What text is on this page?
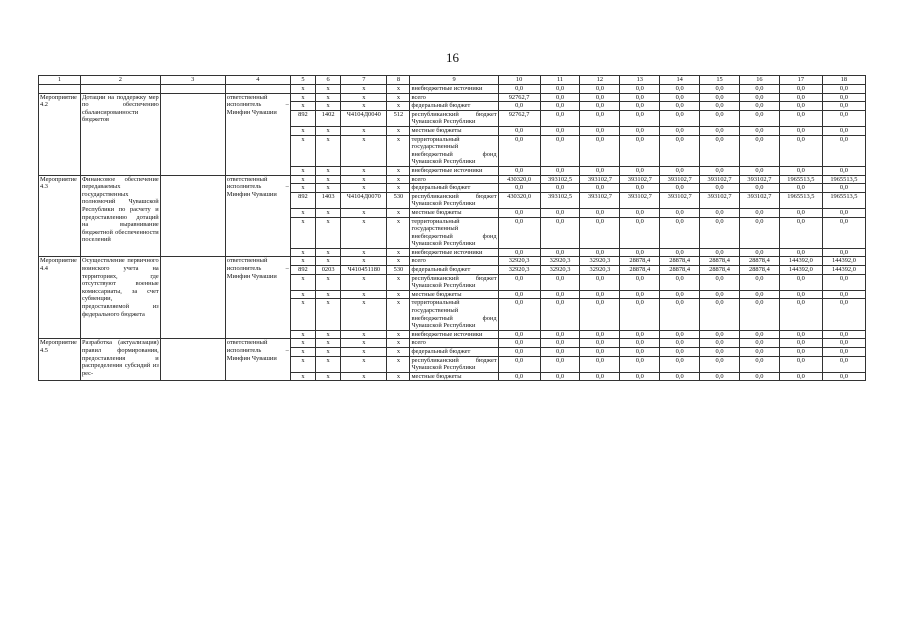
16
1	2	3	4	5	6	7	8	9	10	11	12	13	14	15	16	17	18
				x	x	x	x	внебюджетные источники	0,0	0,0	0,0	0,0	0,0	0,0	0,0	0,0	0,0
Мероприятие 4.2	Дотации на поддержку мер по обеспечению сбалансированности бюджетов		ответственный исполнитель – Минфин Чувашии	x	x	x	x	всего	92762,7	0,0	0,0	0,0	0,0	0,0	0,0	0,0	0,0
				x	x	x	x	федеральный бюджет	0,0	0,0	0,0	0,0	0,0	0,0	0,0	0,0	0,0
				892	1402	Ч4104Д0040	512	республиканский бюджет Чувашской Республики	92762,7	0,0	0,0	0,0	0,0	0,0	0,0	0,0	0,0
				x	x	x	x	местные бюджеты	0,0	0,0	0,0	0,0	0,0	0,0	0,0	0,0	0,0
				x	x	x	x	территориальный государственный внебюджетный фонд Чувашской Республики	0,0	0,0	0,0	0,0	0,0	0,0	0,0	0,0	0,0
				x	x	x	x	внебюджетные источники	0,0	0,0	0,0	0,0	0,0	0,0	0,0	0,0	0,0
Мероприятие 4.3	Финансовое обеспечение передаваемых государственных полномочий Чувашской Республики по расчету и предоставлению дотаций на выравнивание бюджетной обеспеченности поселений		ответственный исполнитель – Минфин Чувашии	x	x	x	x	всего	430320,0	393102,5	393102,7	393102,7	393102,7	393102,7	393102,7	1965513,5	1965513,5
				x	x	x	x	федеральный бюджет	0,0	0,0	0,0	0,0	0,0	0,0	0,0	0,0	0,0
				892	1403	Ч4104Д0070	530	республиканский бюджет Чувашской Республики	430320,0	393102,5	393102,7	393102,7	393102,7	393102,7	393102,7	1965513,5	1965513,5
				x	x	x	x	местные бюджеты	0,0	0,0	0,0	0,0	0,0	0,0	0,0	0,0	0,0
				x	x	x	x	территориальный государственный внебюджетный фонд Чувашской Республики	0,0	0,0	0,0	0,0	0,0	0,0	0,0	0,0	0,0
				x	x	x	x	внебюджетные источники	0,0	0,0	0,0	0,0	0,0	0,0	0,0	0,0	0,0
Мероприятие 4.4	Осуществление первичного воинского учета на территориях, где отсутствуют военные комиссариаты, за счет субвенции, предоставляемой из федерального бюджета		ответственный исполнитель – Минфин Чувашии	x	x	x	x	всего	32920,3	32920,3	32920,3	28878,4	28878,4	28878,4	28878,4	144392,0	144392,0
				892	0203	Ч410451180	530	федеральный бюджет	32920,3	32920,3	32920,3	28878,4	28878,4	28878,4	28878,4	144392,0	144392,0
				x	x	x	x	республиканский бюджет Чувашской Республики	0,0	0,0	0,0	0,0	0,0	0,0	0,0	0,0	0,0
				x	x	x	x	местные бюджеты	0,0	0,0	0,0	0,0	0,0	0,0	0,0	0,0	0,0
				x	x	x	x	территориальный государственный внебюджетный фонд Чувашской Республики	0,0	0,0	0,0	0,0	0,0	0,0	0,0	0,0	0,0
				x	x	x	x	внебюджетные источники	0,0	0,0	0,0	0,0	0,0	0,0	0,0	0,0	0,0
Мероприятие 4.5	Разработка (актуализация) правил формирования, предоставления и распределения субсидий из рес-		ответственный исполнитель – Минфин Чувашии	x	x	x	x	всего	0,0	0,0	0,0	0,0	0,0	0,0	0,0	0,0	0,0
				x	x	x	x	федеральный бюджет	0,0	0,0	0,0	0,0	0,0	0,0	0,0	0,0	0,0
				x	x	x	x	республиканский бюджет Чувашской Республики	0,0	0,0	0,0	0,0	0,0	0,0	0,0	0,0	0,0
				x	x	x	x	местные бюджеты	0,0	0,0	0,0	0,0	0,0	0,0	0,0	0,0	0,0
